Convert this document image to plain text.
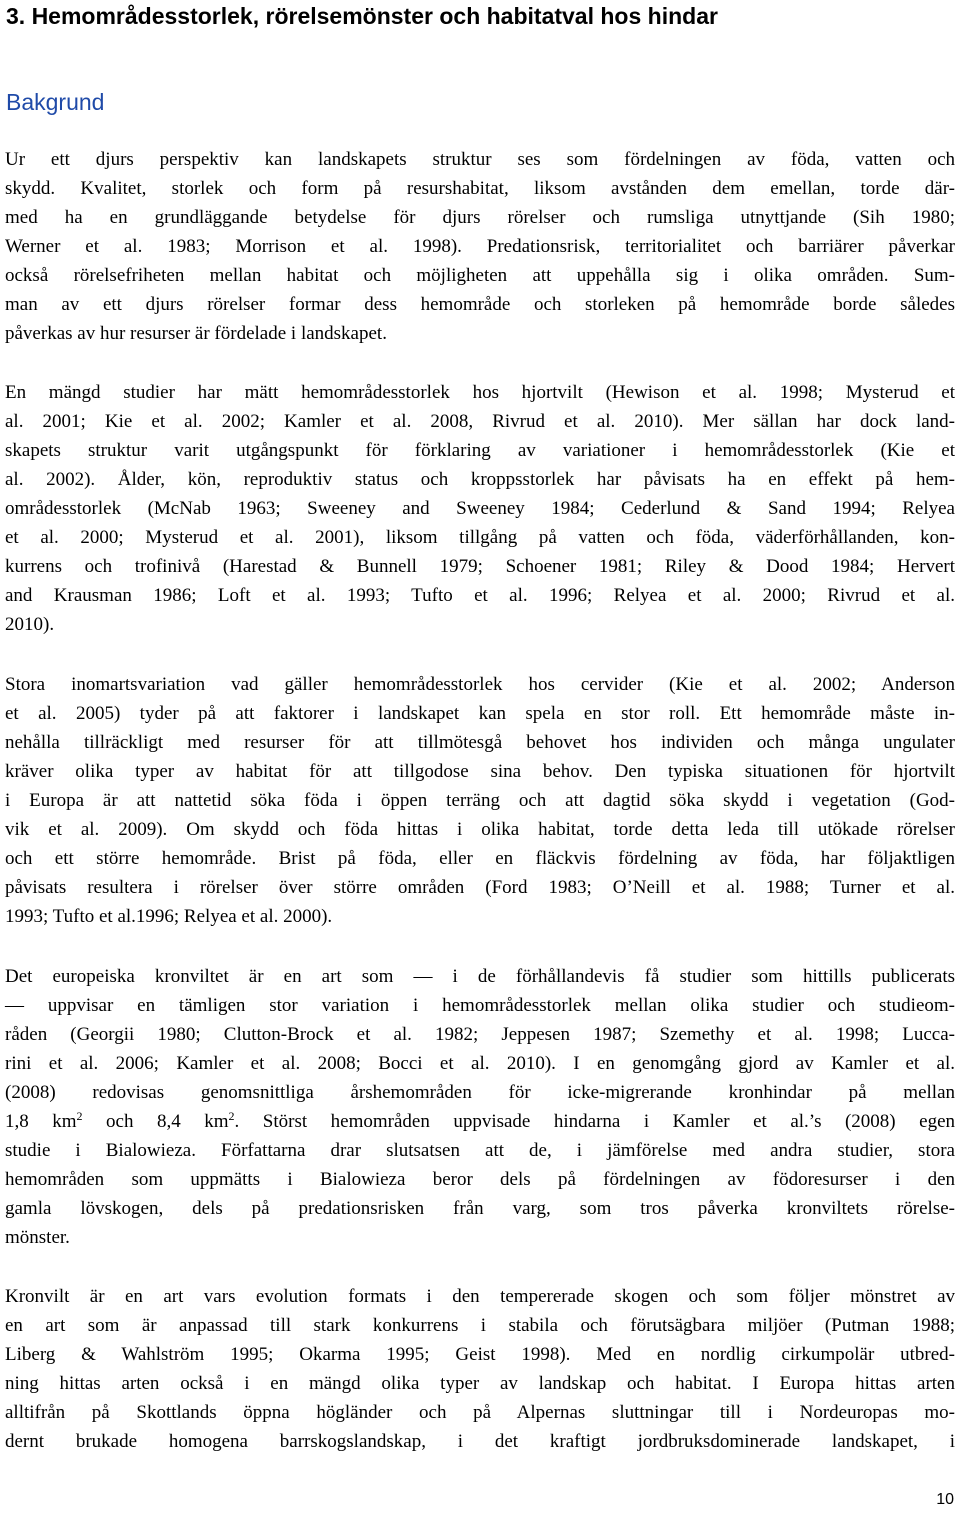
3. Hemområdesstorlek, rörelsemönster och habitatval hos hindar
Bakgrund

Ur ett djurs perspektiv kan landskapets struktur ses som fördelningen av föda, vatten och
skydd. Kvalitet, storlek och form på resurshabitat, liksom avstånden dem emellan, torde där-
med ha en grundläggande betydelse för djurs rörelser och rumsliga utnyttjande (Sih 1980;
Werner et al. 1983; Morrison et al. 1998). Predationsrisk, territorialitet och barriärer påverkar
också rörelsefriheten mellan habitat och möjligheten att uppehålla sig i olika områden. Sum-
man av ett djurs rörelser formar dess hemområde och storleken på hemområde borde således
påverkas av hur resurser är fördelade i landskapet.

En mängd studier har mätt hemområdesstorlek hos hjortvilt (Hewison et al. 1998; Mysterud et
al. 2001; Kie et al. 2002; Kamler et al. 2008, Rivrud et al. 2010). Mer sällan har dock land-
skapets struktur varit utgångspunkt för förklaring av variationer i hemområdesstorlek (Kie et
al. 2002). Ålder, kön, reproduktiv status och kroppsstorlek har påvisats ha en effekt på hem-
områdesstorlek (McNab 1963; Sweeney and Sweeney 1984; Cederlund & Sand 1994; Relyea
et al. 2000; Mysterud et al. 2001), liksom tillgång på vatten och föda, väderförhållanden, kon-
kurrens och trofinivå (Harestad & Bunnell 1979; Schoener 1981; Riley & Dood 1984; Hervert
and Krausman 1986; Loft et al. 1993; Tufto et al. 1996; Relyea et al. 2000; Rivrud et al.
2010).

Stora inomartsvariation vad gäller hemområdesstorlek hos cervider (Kie et al. 2002; Anderson
et al. 2005) tyder på att faktorer i landskapet kan spela en stor roll. Ett hemområde måste in-
nehålla tillräckligt med resurser för att tillmötesgå behovet hos individen och många ungulater
kräver olika typer av habitat för att tillgodose sina behov. Den typiska situationen för hjortvilt
i Europa är att nattetid söka föda i öppen terräng och att dagtid söka skydd i vegetation (God-
vik et al. 2009). Om skydd och föda hittas i olika habitat, torde detta leda till utökade rörelser
och ett större hemområde. Brist på föda, eller en fläckvis fördelning av föda, har följaktligen
påvisats resultera i rörelser över större områden (Ford 1983; O’Neill et al. 1988; Turner et al.
1993; Tufto et al.1996; Relyea et al. 2000).

Det europeiska kronviltet är en art som — i de förhållandevis få studier som hittills publicerats
— uppvisar en tämligen stor variation i hemområdesstorlek mellan olika studier och studieom-
råden (Georgii 1980; Clutton-Brock et al. 1982; Jeppesen 1987; Szemethy et al. 1998; Lucca-
rini et al. 2006; Kamler et al. 2008; Bocci et al. 2010). I en genomgång gjord av Kamler et al.
(2008) redovisas genomsnittliga årshemområden för icke-migrerande kronhindar på mellan
1,8 $km^2$ och 8,4 $km^2$. Störst hemområden uppvisade hindarna i Kamler et al.’s (2008) egen
studie i Bialowieza. Författarna drar slutsatsen att de, i jämförelse med andra studier, stora
hemområden som uppmätts i Bialowieza beror dels på fördelningen av födoresurser i den
gamla lövskogen, dels på predationsrisken från varg, som tros påverka kronviltets rörelse-
mönster.

Kronvilt är en art vars evolution formats i den tempererade skogen och som följer mönstret av
en art som är anpassad till stark konkurrens i stabila och förutsägbara miljöer (Putman 1988;
Liberg & Wahlström 1995; Okarma 1995; Geist 1998). Med en nordlig cirkumpolär utbred-
ning hittas arten också i en mängd olika typer av landskap och habitat. I Europa hittas arten
alltifrån på Skottlands öppna högländer och på Alpernas sluttningar till i Nordeuropas mo-
dernt brukade homogena barrskogslandskap, i det kraftigt jordbruksdominerade landskapet, i

10
